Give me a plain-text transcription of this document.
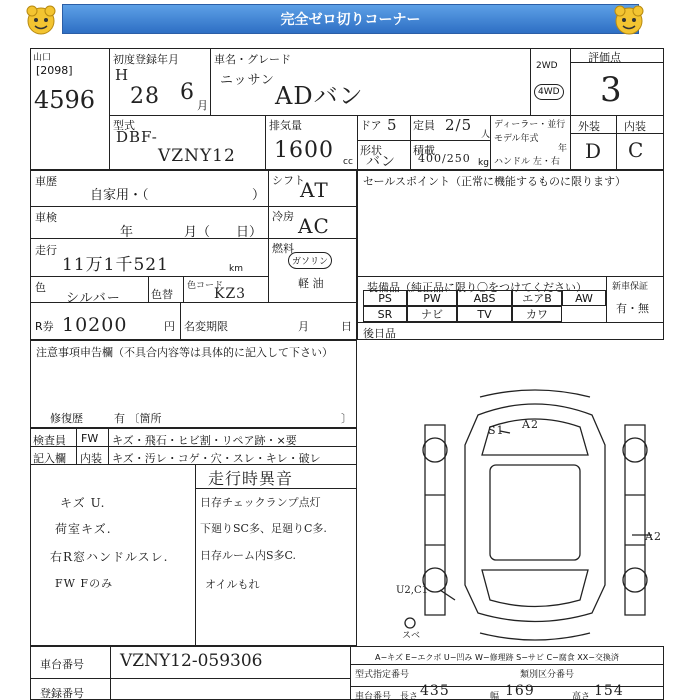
完全ゼロ切りコーナー
山口
[2098]
4596
初度登録年月
H
28 6
月
車名・グレード
ニッサン
ADバン
2WD
4WD
評価点
3
型式
DBF-
VZNY12
排気量
1600 cc
ドア 5
形状
バン
定員 2/5
人
積載
400/250 kg
ディーラー・並行
モデル年式
年
ハンドル 左・右
外装 内装
D C
車歴
自家用・（	）
シフト
AT
車検
年	月（ 日）
冷房 AC
走行
11万1千521	km
燃料
ガソリン
軽 油
色
シルバー	色替
色コード
KZ3
R券 10200	円 名変期限	月	日
セールスポイント（正常に機能するものに限ります）
装備品（純正品に限り〇をつけてください）	新車保証
有・無
PS	PW	ABS	エアB	AW
SR	ナビ	TV	カワ
後日品
注意事項申告欄（不具合内容等は具体的に記入して下さい）
修復歴	有 〔箇所	〕
検査員
記入欄
FW キズ・飛石・ヒビ割・リペア跡・×要
内装 キズ・汚レ・コゲ・穴・スレ・キレ・破レ
走行時異音
キズ U.
荷室キズ.
右R窓ハンドルスレ.
FW Fのみ
日存チェックランプ点灯
下廻りSC多、足廻りC多.
日存ルーム内S多C.
オイルもれ
S1 A2
A2
U2,C1
スベ
車台番号 VZNY12-059306
登録番号
A−キズ E−エクボ U−凹み W−修理跡 S−サビ C−腐食 XX−交換済
型式指定番号	類別区分番号
車台番号 長さ 435	幅 169	高さ 154
